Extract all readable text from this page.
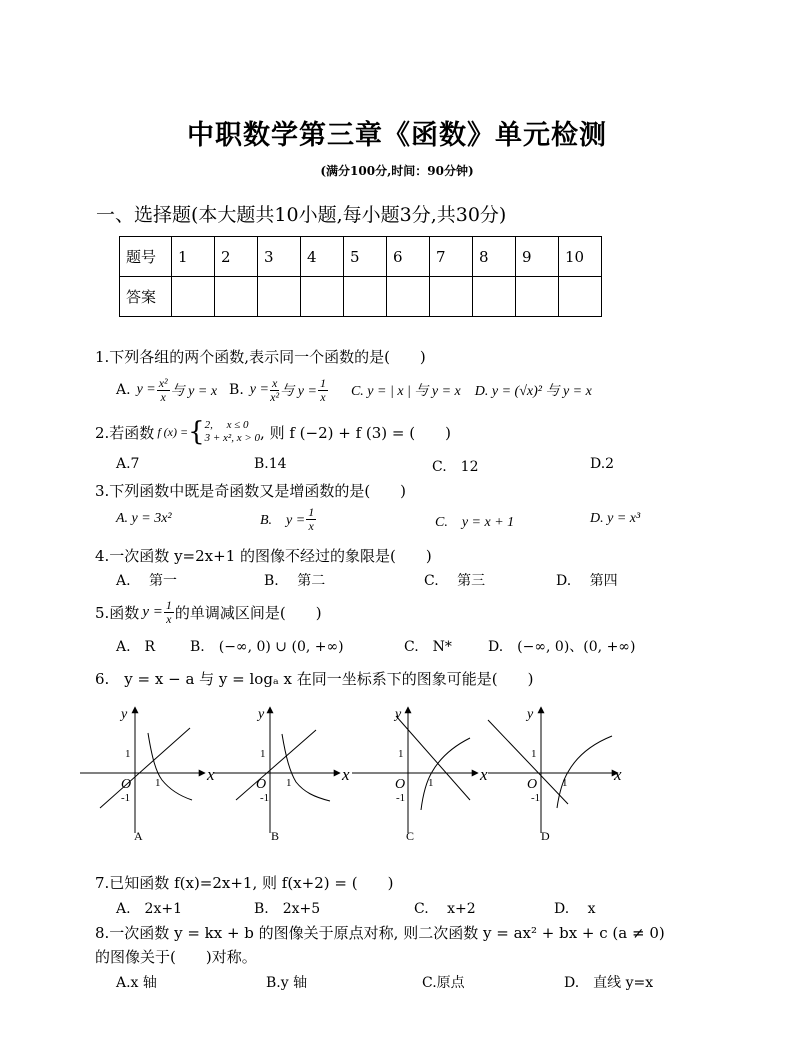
中职数学第三章《函数》单元检测
(满分100分,时间：90分钟)
一、选择题(本大题共10小题,每小题3分,共30分)
题号	1	2	3	4	5	6	7	8	9	10
答案										
1.下列各组的两个函数,表示同一个函数的是(　　)
A. $y = \frac{\text{x²}}{x}$ 与 y = x B. $y = \frac{x}{\text{x²}}$ 与 $y = \frac{1}{x} C$. y = | x | 与 y = x D. y = (√x)² 与 y = x
2.若函数 f (x) = { 2,　 x ≤ 0
3 + x², x > 0 , 则 f (−2) + f (3) = (　　)
A.7	B.14	C.　12	D.2
3.下列函数中既是奇函数又是增函数的是(　　)
A. y = 3x²	B.　$y = \frac{1}{x}$	C.　y = x + 1	D. y = x³
4.一次函数 y=2x+1 的图像不经过的象限是(　　)
A.　 第一	B.　 第二	C.　 第三	D.　 第四
5.函数 $y = \frac{1}{x}$ 的单调减区间是(　　)
A.　R B.　(−∞, 0) ∪ (0, +∞)	C.　N*	D.　(−∞, 0)、(0, +∞)
6.　y = x − a 与 y = logₐ x 在同一坐标系下的图象可能是(　　)
y
x
O
1
1
-1
A
y
x
O
1
1
-1
B
y
x
O
1
1
-1
C
y
x
O
1
1
-1
D
7.已知函数 f(x)=2x+1, 则 f(x+2) = (　　)
A.　2x+1	B.　2x+5	C.　 x+2	D.　 x
8.一次函数 y = kx + b 的图像关于原点对称, 则二次函数 y = ax² + bx + c (a ≠ 0)
的图像关于(　　)对称。
A.x 轴	B.y 轴	C.原点	D.　直线 y=x
